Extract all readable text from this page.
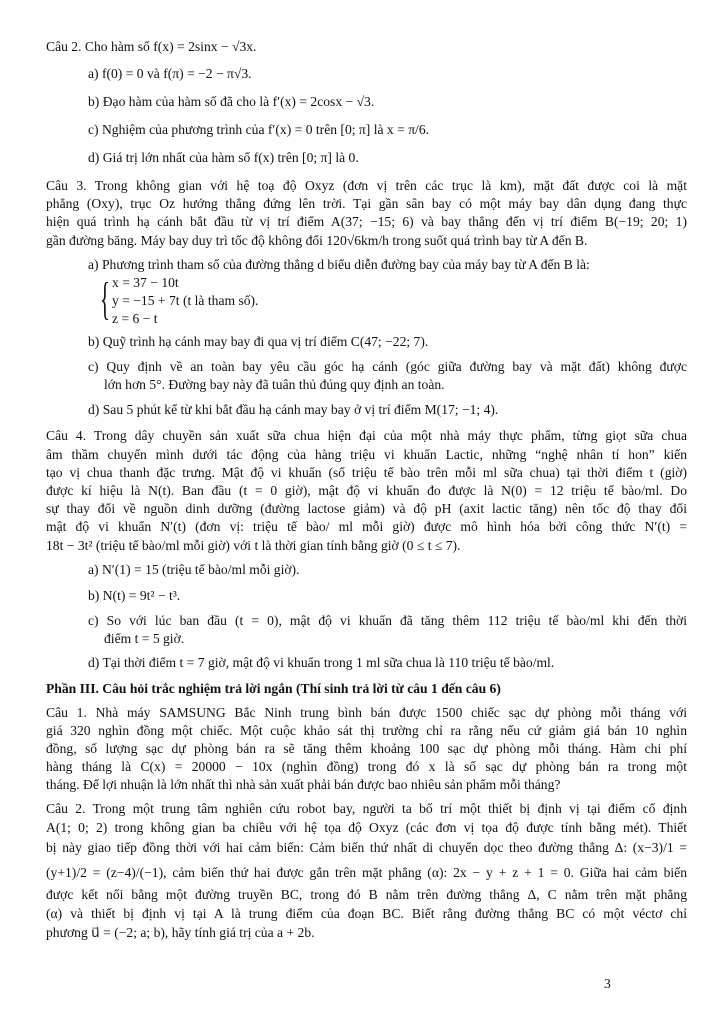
Câu 2. Cho hàm số f(x) = 2sinx − √3x.
a) f(0) = 0 và f(π) = −2 − π√3.
b) Đạo hàm của hàm số đã cho là f′(x) = 2cosx − √3.
c) Nghiệm của phương trình của f′(x) = 0 trên [0; π] là x = π/6.
d) Giá trị lớn nhất của hàm số f(x) trên [0; π] là 0.
Câu 3. Trong không gian với hệ toạ độ Oxyz (đơn vị trên các trục là km), mặt đất được coi là mặt
phẳng (Oxy), trục Oz hướng thẳng đứng lên trời. Tại gần sân bay có một máy bay dân dụng đang thực
hiện quá trình hạ cánh bắt đầu từ vị trí điểm A(37; −15; 6) và bay thẳng đến vị trí điểm B(−19; 20; 1)
gần đường băng. Máy bay duy trì tốc độ không đổi 120√6km/h trong suốt quá trình bay từ A đến B.
a) Phương trình tham số của đường thẳng d biểu diễn đường bay của máy bay từ A đến B là:
{ x = 37 − 10t
y = −15 + 7t (t là tham số).
z = 6 − t
b) Quỹ trình hạ cánh may bay đi qua vị trí điểm C(47; −22; 7).
c) Quy định về an toàn bay yêu cầu góc hạ cánh (góc giữa đường bay và mặt đất) không được
lớn hơn 5°. Đường bay này đã tuân thủ đúng quy định an toàn.
d) Sau 5 phút kể từ khi bắt đầu hạ cánh may bay ở vị trí điểm M(17; −1; 4).
Câu 4. Trong dây chuyền sản xuất sữa chua hiện đại của một nhà máy thực phẩm, từng giọt sữa chua
âm thầm chuyển mình dưới tác động của hàng triệu vi khuẩn Lactic, những “nghệ nhân tí hon” kiến
tạo vị chua thanh đặc trưng. Mật độ vi khuẩn (số triệu tế bào trên mỗi ml sữa chua) tại thời điểm t (giờ)
được kí hiệu là N(t). Ban đầu (t = 0 giờ), mật độ vi khuẩn đo được là N(0) = 12 triệu tế bào/ml. Do
sự thay đổi về nguồn dinh dưỡng (đường lactose giảm) và độ pH (axit lactic tăng) nên tốc độ thay đổi
mật độ vi khuẩn N′(t) (đơn vị: triệu tế bào/ ml mỗi giờ) được mô hình hóa bởi công thức N′(t) =
18t − 3t² (triệu tế bào/ml mỗi giờ) với t là thời gian tính bằng giờ (0 ≤ t ≤ 7).
a) N′(1) = 15 (triệu tế bào/ml mỗi giờ).
b) N(t) = 9t² − t³.
c) So với lúc ban đầu (t = 0), mật độ vi khuẩn đã tăng thêm 112 triệu tế bào/ml khi đến thời
điểm t = 5 giờ.
d) Tại thời điểm t = 7 giờ, mật độ vi khuẩn trong 1 ml sữa chua là 110 triệu tế bào/ml.
Phần III. Câu hỏi trắc nghiệm trả lời ngắn (Thí sinh trả lời từ câu 1 đến câu 6)
Câu 1. Nhà máy SAMSUNG Bắc Ninh trung bình bán được 1500 chiếc sạc dự phòng mỗi tháng với
giá 320 nghìn đồng một chiếc. Một cuộc khảo sát thị trường chỉ ra rằng nếu cứ giảm giá bán 10 nghìn
đồng, số lượng sạc dự phòng bán ra sẽ tăng thêm khoảng 100 sạc dự phòng mỗi tháng. Hàm chi phí
hàng tháng là C(x) = 20000 − 10x (nghìn đồng) trong đó x là số sạc dự phòng bán ra trong một
tháng. Để lợi nhuận là lớn nhất thì nhà sản xuất phải bán được bao nhiêu sản phẩm mỗi tháng?
Câu 2. Trong một trung tâm nghiên cứu robot bay, người ta bố trí một thiết bị định vị tại điểm cố định
A(1; 0; 2) trong không gian ba chiều với hệ tọa độ Oxyz (các đơn vị tọa độ được tính bằng mét). Thiết
bị này giao tiếp đồng thời với hai cảm biến: Cảm biến thứ nhất di chuyển dọc theo đường thẳng Δ: (x−3)/1 =
(y+1)/2 = (z−4)/(−1), cảm biến thứ hai được gắn trên mặt phẳng (α): 2x − y + z + 1 = 0. Giữa hai cảm biến
được kết nối bằng một đường truyền BC, trong đó B nằm trên đường thẳng Δ, C nằm trên mặt phẳng
(α) và thiết bị định vị tại A là trung điểm của đoạn BC. Biết rằng đường thẳng BC có một véctơ chỉ
phương u⃗ = (−2; a; b), hãy tính giá trị của a + 2b.
3
